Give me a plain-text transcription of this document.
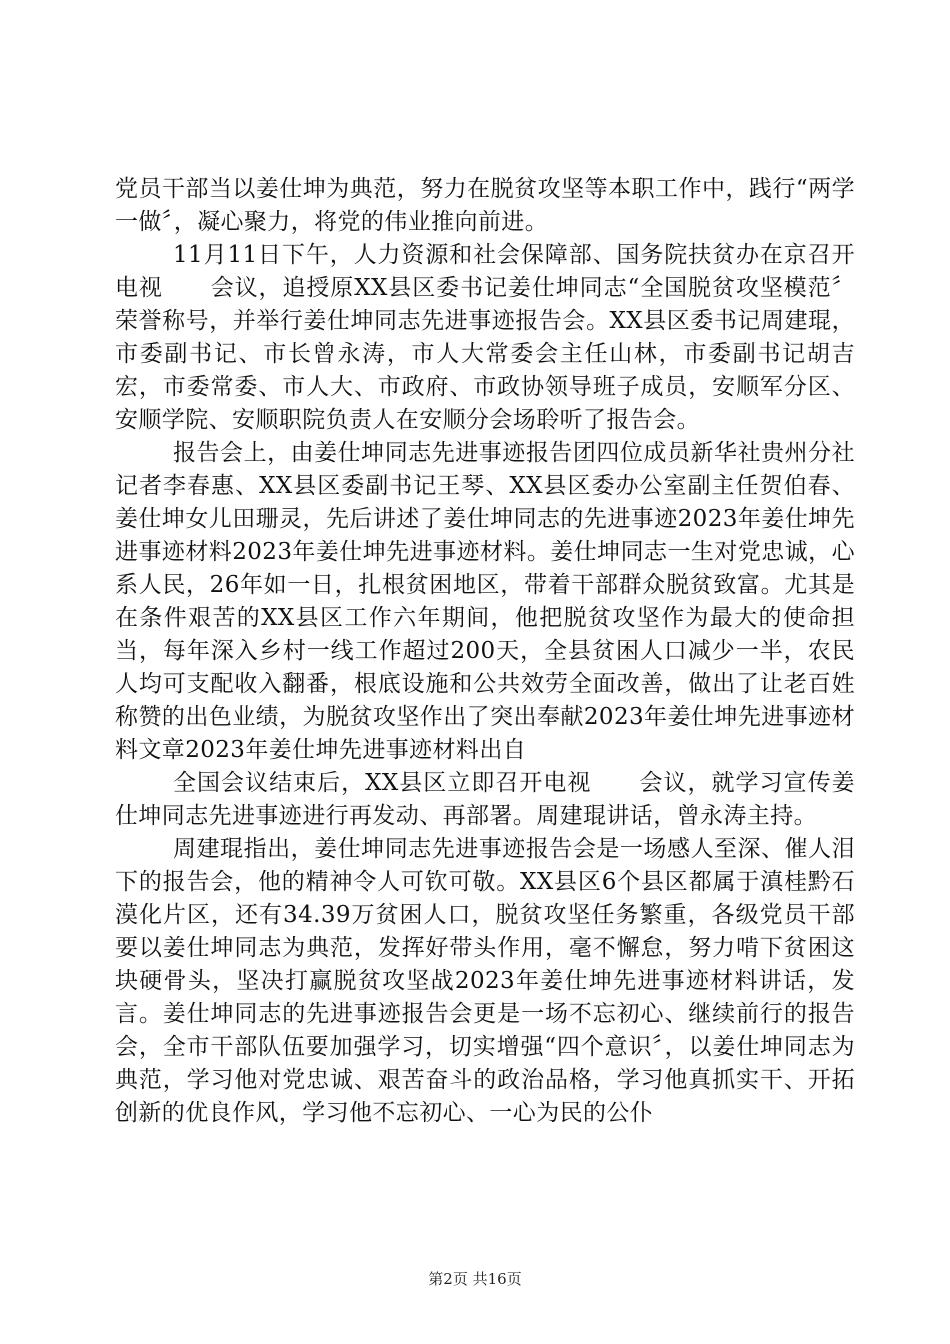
党员干部当以姜仕坤为典范，努力在脱贫攻坚等本职工作中，践行“两学一做〞，凝心聚力，将党的伟业推向前进。

11月11日下午，人力资源和社会保障部、国务院扶贫办在京召开电视　　会议，追授原XX县区委书记姜仕坤同志“全国脱贫攻坚模范〞荣誉称号，并举行姜仕坤同志先进事迹报告会。XX县区委书记周建琨，市委副书记、市长曾永涛，市人大常委会主任山林，市委副书记胡吉宏，市委常委、市人大、市政府、市政协领导班子成员，安顺军分区、安顺学院、安顺职院负责人在安顺分会场聆听了报告会。

报告会上，由姜仕坤同志先进事迹报告团四位成员新华社贵州分社记者李春惠、XX县区委副书记王琴、XX县区委办公室副主任贺伯春、姜仕坤女儿田珊灵，先后讲述了姜仕坤同志的先进事迹2023年姜仕坤先进事迹材料2023年姜仕坤先进事迹材料。姜仕坤同志一生对党忠诚，心系人民，26年如一日，扎根贫困地区，带着干部群众脱贫致富。尤其是在条件艰苦的XX县区工作六年期间，他把脱贫攻坚作为最大的使命担当，每年深入乡村一线工作超过200天，全县贫困人口减少一半，农民人均可支配收入翻番，根底设施和公共效劳全面改善，做出了让老百姓称赞的出色业绩，为脱贫攻坚作出了突出奉献2023年姜仕坤先进事迹材料文章2023年姜仕坤先进事迹材料出自

全国会议结束后，XX县区立即召开电视　　会议，就学习宣传姜仕坤同志先进事迹进行再发动、再部署。周建琨讲话，曾永涛主持。

周建琨指出，姜仕坤同志先进事迹报告会是一场感人至深、催人泪下的报告会，他的精神令人可钦可敬。XX县区6个县区都属于滇桂黔石漠化片区，还有34.39万贫困人口，脱贫攻坚任务繁重，各级党员干部要以姜仕坤同志为典范，发挥好带头作用，毫不懈怠，努力啃下贫困这块硬骨头，坚决打赢脱贫攻坚战2023年姜仕坤先进事迹材料讲话，发言。姜仕坤同志的先进事迹报告会更是一场不忘初心、继续前行的报告会，全市干部队伍要加强学习，切实增强“四个意识〞，以姜仕坤同志为典范，学习他对党忠诚、艰苦奋斗的政治品格，学习他真抓实干、开拓创新的优良作风，学习他不忘初心、一心为民的公仆

第2页 共16页
